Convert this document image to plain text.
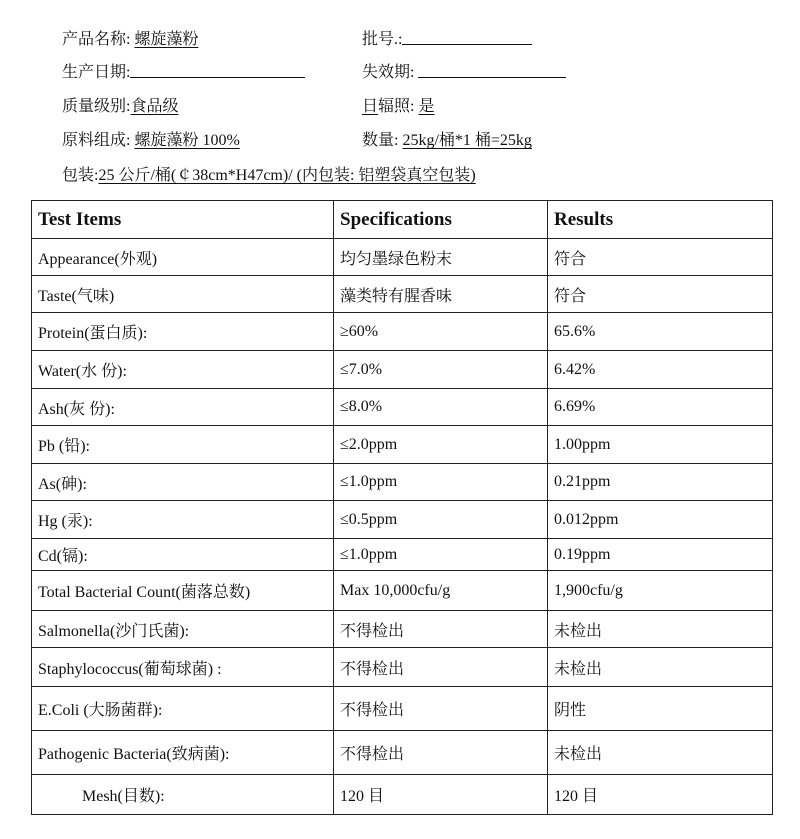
产品名称: 螺旋藻粉	批号.:
生产日期:	失效期:
质量级别:食品级	日辐照: 是
原料组成: 螺旋藻粉 100%	数量: 25kg/桶*1 桶=25kg
包装:25 公斤/桶(￠38cm*H47cm)/ (内包装: 铝塑袋真空包装)
Test Items	Specifications	Results
Appearance(外观)	均匀墨绿色粉末	符合
Taste(气味)	藻类特有腥香味	符合
Protein(蛋白质):	≥60%	65.6%
Water(水 份):	≤7.0%	6.42%
Ash(灰 份):	≤8.0%	6.69%
Pb (铅):	≤2.0ppm	1.00ppm
As(砷):	≤1.0ppm	0.21ppm
Hg (汞):	≤0.5ppm	0.012ppm
Cd(镉):	≤1.0ppm	0.19ppm
Total Bacterial Count(菌落总数)	Max 10,000cfu/g	1,900cfu/g
Salmonella(沙门氏菌):	不得检出	未检出
Staphylococcus(葡萄球菌) :	不得检出	未检出
E.Coli (大肠菌群):	不得检出	阴性
Pathogenic Bacteria(致病菌):	不得检出	未检出
Mesh(目数):	120 目	120 目
